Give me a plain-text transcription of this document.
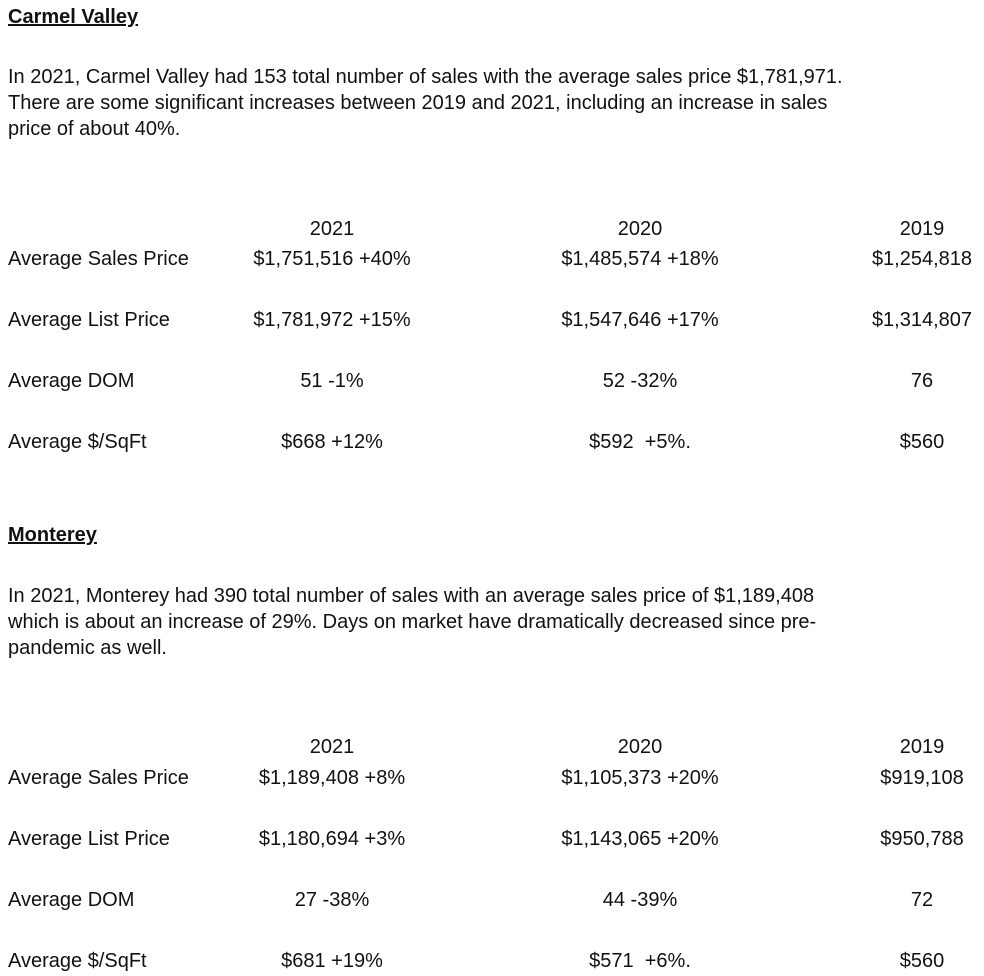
Carmel Valley
In 2021, Carmel Valley had 153 total number of sales with the average sales price $1,781,971.
There are some significant increases between 2019 and 2021, including an increase in sales
price of about 40%.
2021	2020	2019
Average Sales Price	$1,751,516 +40%	$1,485,574 +18%	$1,254,818
Average List Price	$1,781,972 +15%	$1,547,646 +17%	$1,314,807
Average DOM	51 -1%	52 -32%	76
Average $/SqFt	$668 +12%	$592  +5%.	$560
Monterey
In 2021, Monterey had 390 total number of sales with an average sales price of $1,189,408
which is about an increase of 29%. Days on market have dramatically decreased since pre-
pandemic as well.
2021	2020	2019
Average Sales Price	$1,189,408 +8%	$1,105,373 +20%	$919,108
Average List Price	$1,180,694 +3%	$1,143,065 +20%	$950,788
Average DOM	27 -38%	44 -39%	72
Average $/SqFt	$681 +19%	$571  +6%.	$560
